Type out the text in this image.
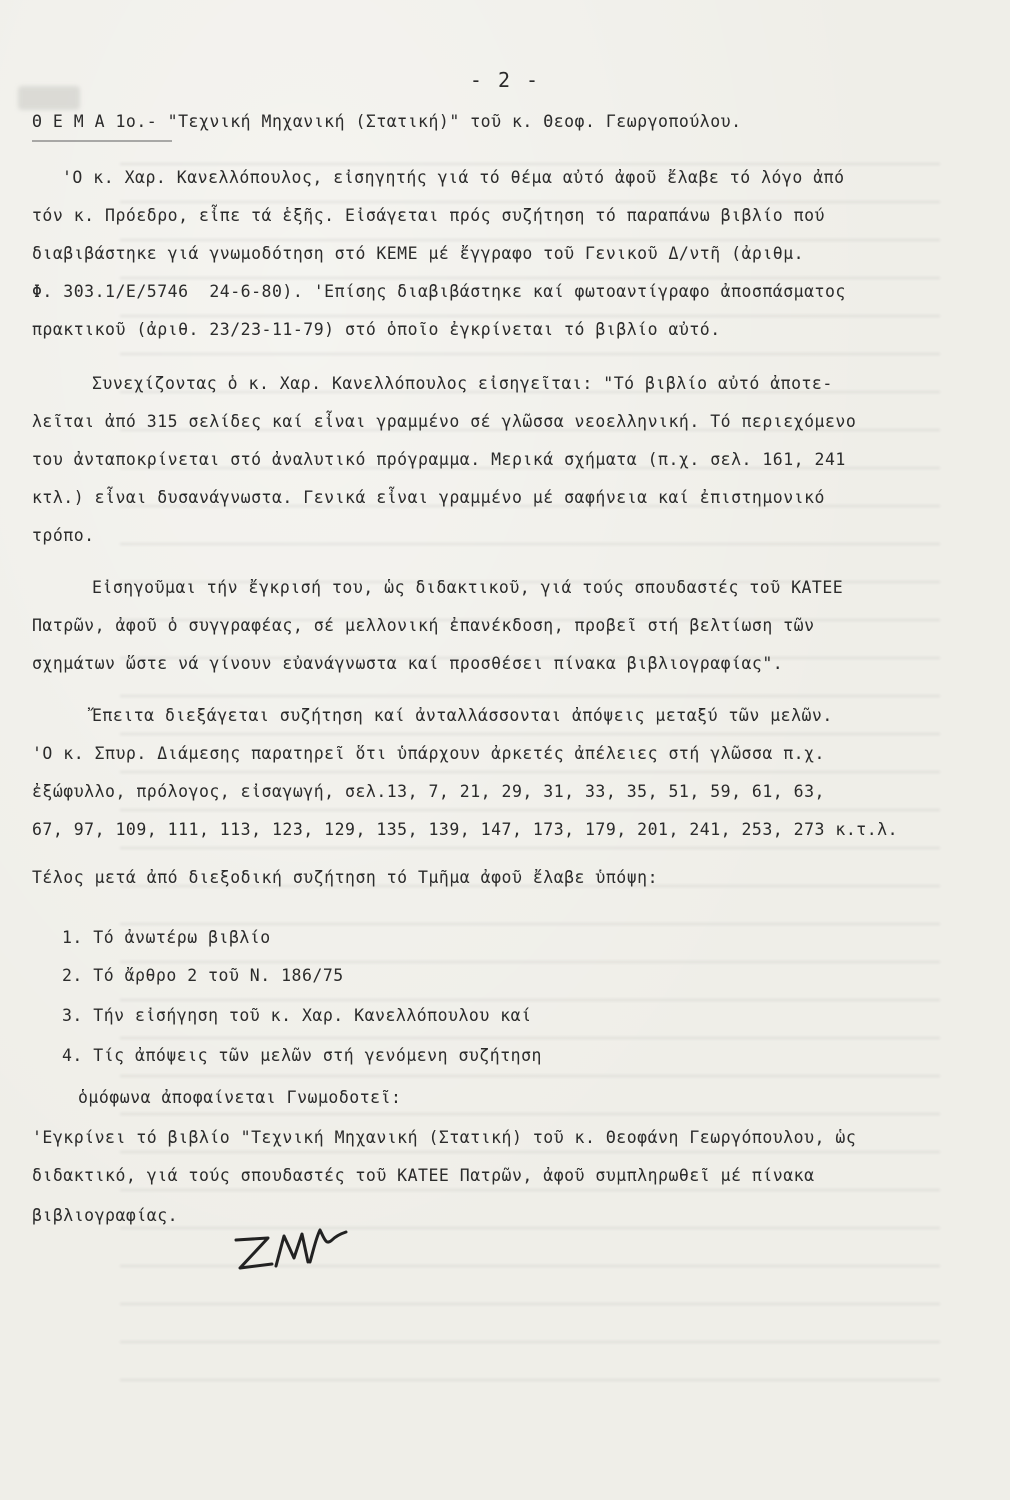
- 2 -
Θ Ε Μ Α 1ο.- "Τεχνική Μηχανική (Στατική)" τοῦ κ. Θεοφ. Γεωργοπούλου.
'Ο κ. Χαρ. Κανελλόπουλος, εἰσηγητής γιά τό θέμα αὐτό ἀφοῦ ἔλαβε τό λόγο ἀπό
τόν κ. Πρόεδρο, εἶπε τά ἑξῆς. Εἰσάγεται πρός συζήτηση τό παραπάνω βιβλίο πού
διαβιβάστηκε γιά γνωμοδότηση στό ΚΕΜΕ μέ ἔγγραφο τοῦ Γενικοῦ Δ/ντῆ (ἀριθμ.
Φ. 303.1/Ε/5746  24-6-80). 'Επίσης διαβιβάστηκε καί φωτοαντίγραφο ἀποσπάσματος
πρακτικοῦ (ἀριθ. 23/23-11-79) στό ὁποῖο ἐγκρίνεται τό βιβλίο αὐτό.
Συνεχίζοντας ὁ κ. Χαρ. Κανελλόπουλος εἰσηγεῖται: "Τό βιβλίο αὐτό ἀποτε-
λεῖται ἀπό 315 σελίδες καί εἶναι γραμμένο σέ γλῶσσα νεοελληνική. Τό περιεχόμενο
του ἀνταποκρίνεται στό ἀναλυτικό πρόγραμμα. Μερικά σχήματα (π.χ. σελ. 161, 241
κτλ.) εἶναι δυσανάγνωστα. Γενικά εἶναι γραμμένο μέ σαφήνεια καί ἐπιστημονικό
τρόπο.
Εἰσηγοῦμαι τήν ἔγκρισή του, ὡς διδακτικοῦ, γιά τούς σπουδαστές τοῦ ΚΑΤΕΕ
Πατρῶν, ἀφοῦ ὁ συγγραφέας, σέ μελλονική ἐπανέκδοση, προβεῖ στή βελτίωση τῶν
σχημάτων ὥστε νά γίνουν εὐανάγνωστα καί προσθέσει πίνακα βιβλιογραφίας".
Ἔπειτα διεξάγεται συζήτηση καί ἀνταλλάσσονται ἀπόψεις μεταξύ τῶν μελῶν.
'Ο κ. Σπυρ. Διάμεσης παρατηρεῖ ὅτι ὑπάρχουν ἀρκετές ἀπέλειες στή γλῶσσα π.χ.
ἐξώφυλλο, πρόλογος, εἰσαγωγή, σελ.13, 7, 21, 29, 31, 33, 35, 51, 59, 61, 63,
67, 97, 109, 111, 113, 123, 129, 135, 139, 147, 173, 179, 201, 241, 253, 273 κ.τ.λ.
Τέλος μετά ἀπό διεξοδική συζήτηση τό Τμῆμα ἀφοῦ ἔλαβε ὑπόψη:
1. Τό ἀνωτέρω βιβλίο
2. Τό ἄρθρο 2 τοῦ Ν. 186/75
3. Τήν εἰσήγηση τοῦ κ. Χαρ. Κανελλόπουλου καί
4. Τίς ἀπόψεις τῶν μελῶν στή γενόμενη συζήτηση
ὁμόφωνα ἀποφαίνεται Γνωμοδοτεῖ:
'Εγκρίνει τό βιβλίο "Τεχνική Μηχανική (Στατική) τοῦ κ. Θεοφάνη Γεωργόπουλου, ὡς
διδακτικό, γιά τούς σπουδαστές τοῦ ΚΑΤΕΕ Πατρῶν, ἀφοῦ συμπληρωθεῖ μέ πίνακα
βιβλιογραφίας.
